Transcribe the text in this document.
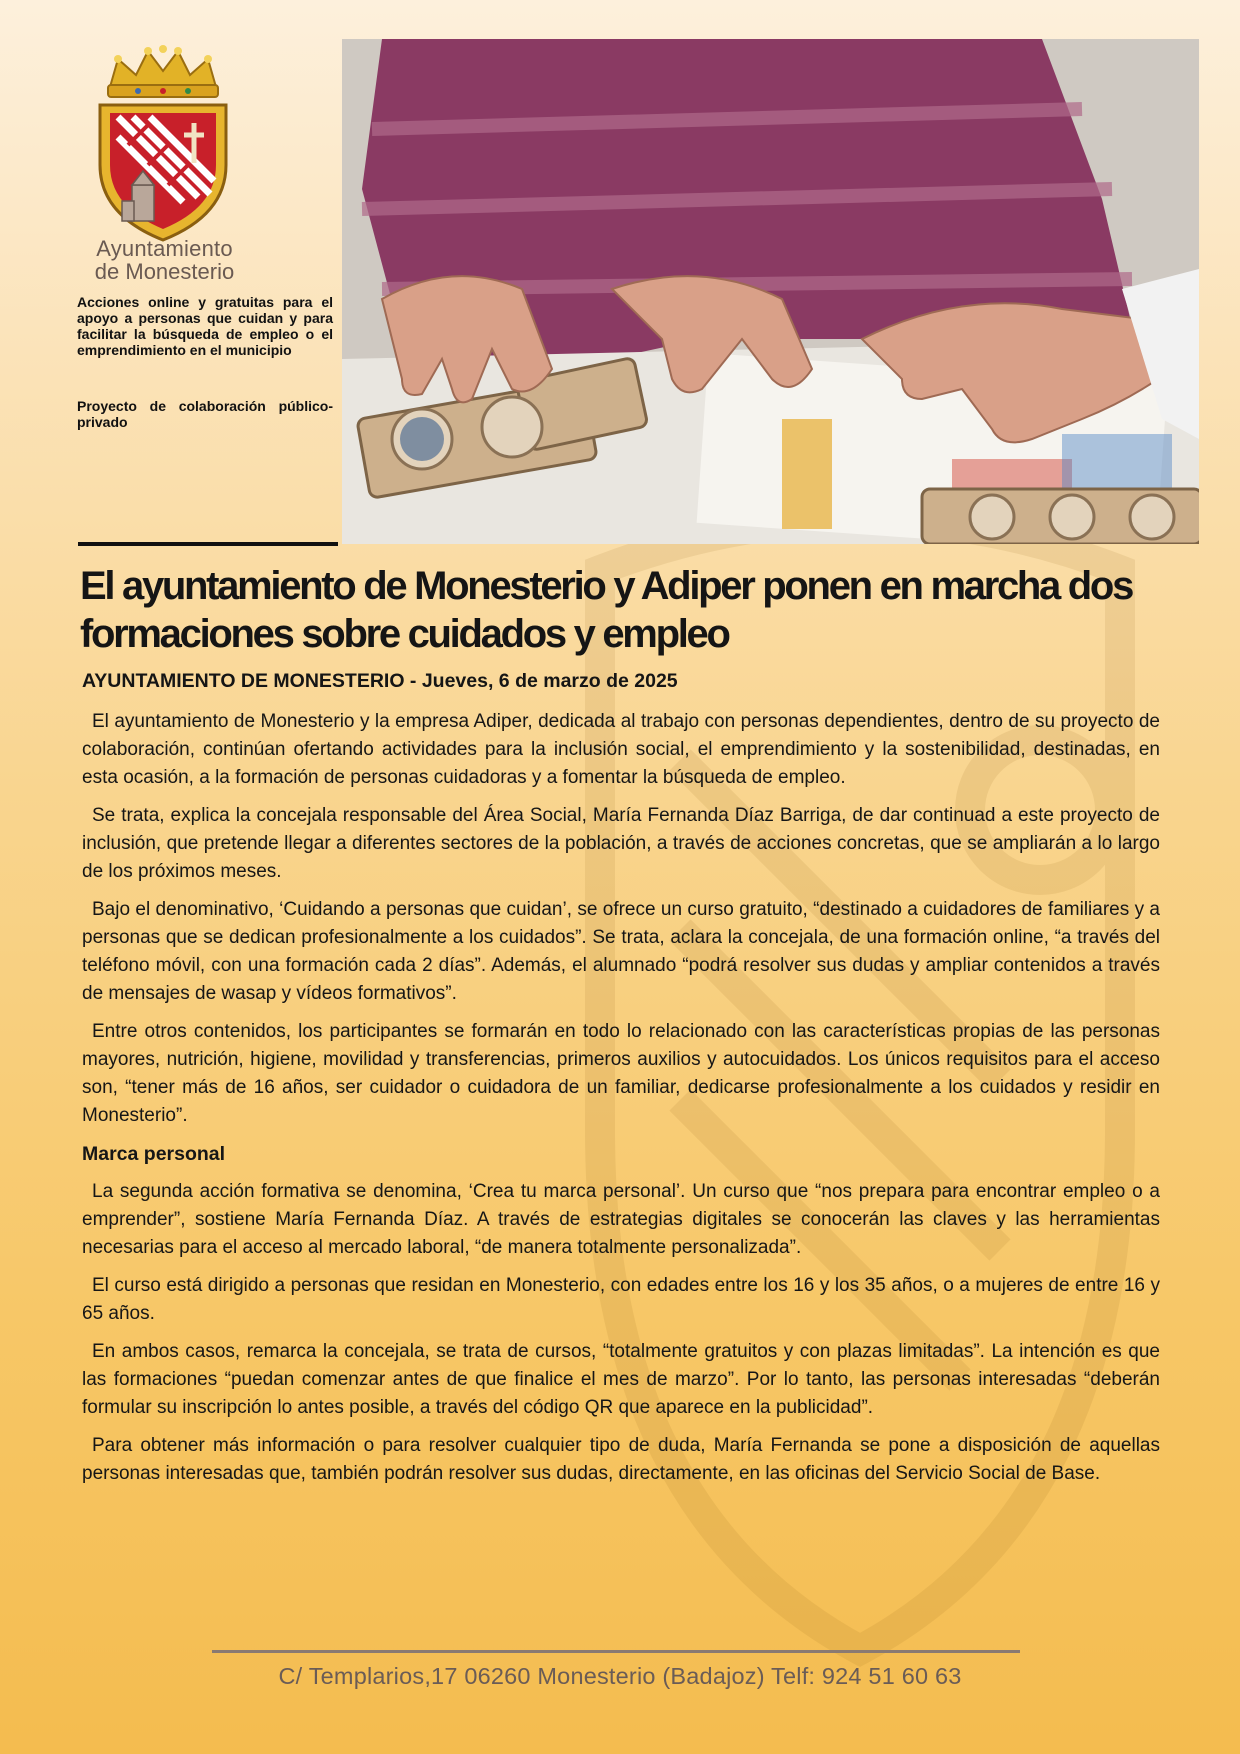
Ayuntamiento
de Monesterio

Acciones online y gratuitas para el apoyo a personas que cuidan y para facilitar la búsqueda de empleo o el emprendimiento en el municipio

Proyecto de colaboración público-privado

El ayuntamiento de Monesterio y Adiper ponen en marcha dos formaciones sobre cuidados y empleo

AYUNTAMIENTO DE MONESTERIO - Jueves, 6 de marzo de 2025

El ayuntamiento de Monesterio y la empresa Adiper, dedicada al trabajo con personas dependientes, dentro de su proyecto de colaboración, continúan ofertando actividades para la inclusión social, el emprendimiento y la sostenibilidad, destinadas, en esta ocasión, a la formación de personas cuidadoras y a fomentar la búsqueda de empleo.

Se trata, explica la concejala responsable del Área Social, María Fernanda Díaz Barriga, de dar continuad a este proyecto de inclusión, que pretende llegar a diferentes sectores de la población, a través de acciones concretas, que se ampliarán a lo largo de los próximos meses.

Bajo el denominativo, ‘Cuidando a personas que cuidan’, se ofrece un curso gratuito, “destinado a cuidadores de familiares y a personas que se dedican profesionalmente a los cuidados”. Se trata, aclara la concejala, de una formación online, “a través del teléfono móvil, con una formación cada 2 días”. Además, el alumnado “podrá resolver sus dudas y ampliar contenidos a través de mensajes de wasap y vídeos formativos”.

Entre otros contenidos, los participantes se formarán en todo lo relacionado con las características propias de las personas mayores, nutrición, higiene, movilidad y transferencias, primeros auxilios y autocuidados. Los únicos requisitos para el acceso son, “tener más de 16 años, ser cuidador o cuidadora de un familiar, dedicarse profesionalmente a los cuidados y residir en Monesterio”.

Marca personal

La segunda acción formativa se denomina, ‘Crea tu marca personal’. Un curso que “nos prepara para encontrar empleo o a emprender”, sostiene María Fernanda Díaz. A través de estrategias digitales se conocerán las claves y las herramientas necesarias para el acceso al mercado laboral, “de manera totalmente personalizada”.

El curso está dirigido a personas que residan en Monesterio, con edades entre los 16 y los 35 años, o a mujeres de entre 16 y 65 años.

En ambos casos, remarca la concejala, se trata de cursos, “totalmente gratuitos y con plazas limitadas”. La intención es que las formaciones “puedan comenzar antes de que finalice el mes de marzo”. Por lo tanto, las personas interesadas “deberán formular su inscripción lo antes posible, a través del código QR que aparece en la publicidad”.

Para obtener más información o para resolver cualquier tipo de duda, María Fernanda se pone a disposición de aquellas personas interesadas que, también podrán resolver sus dudas, directamente, en las oficinas del Servicio Social de Base.

C/ Templarios,17 06260 Monesterio (Badajoz) Telf: 924 51 60 63
